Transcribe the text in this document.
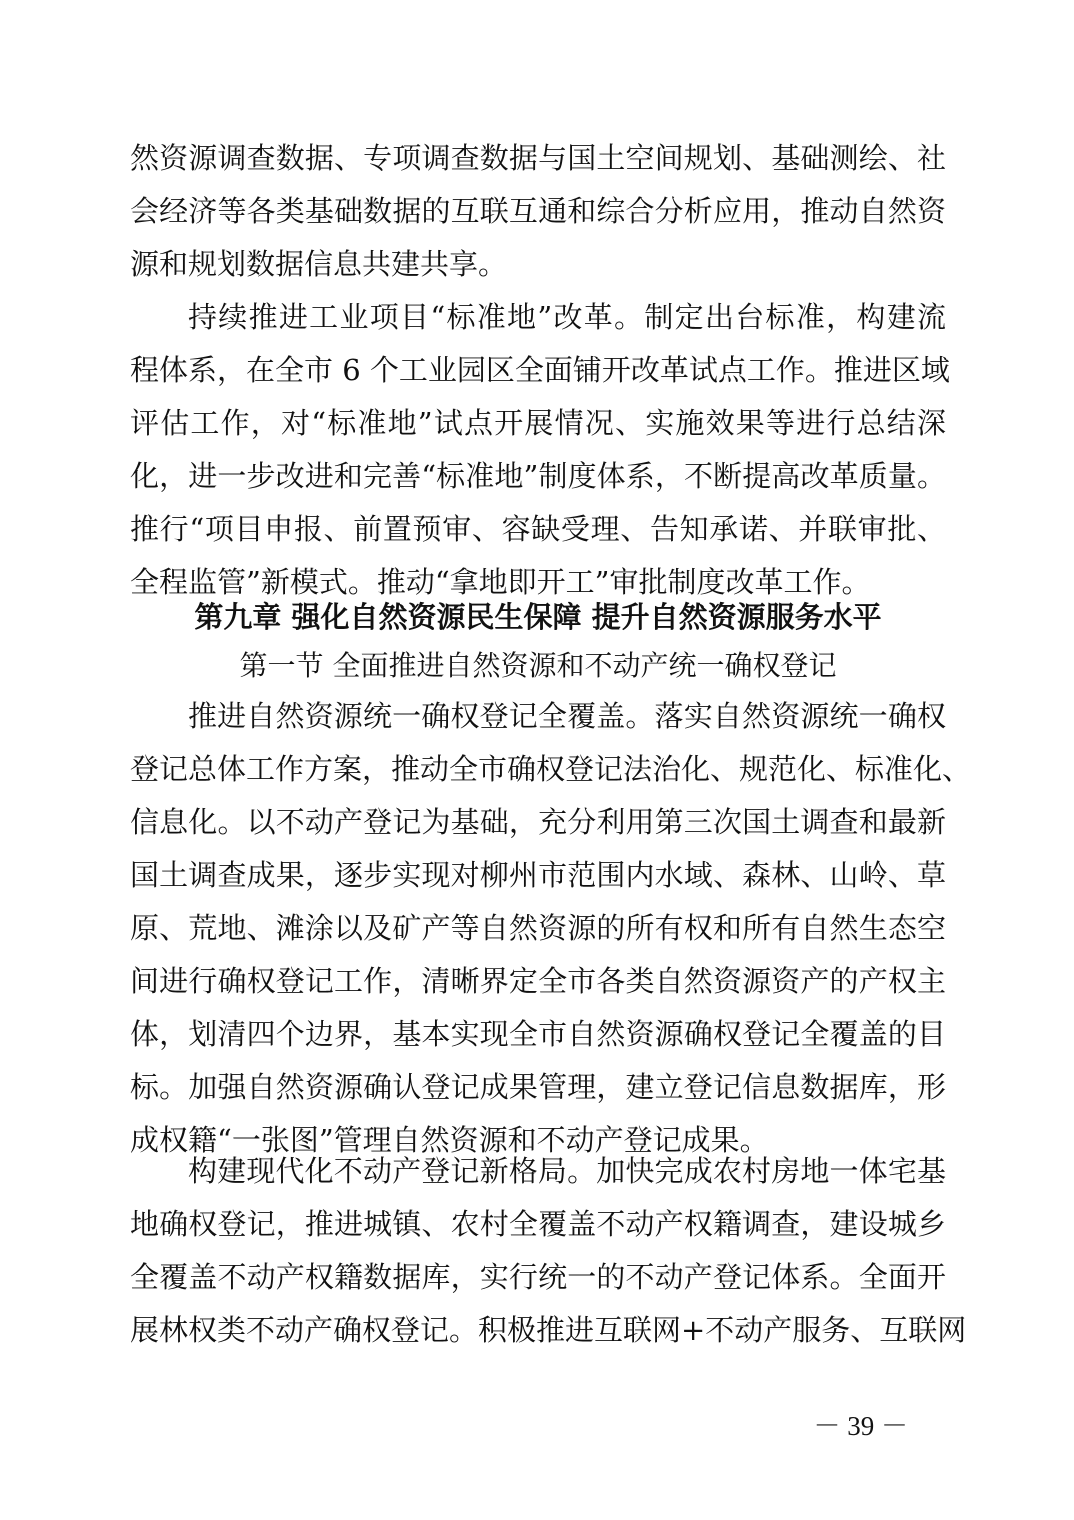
然资源调查数据、专项调查数据与国土空间规划、基础测绘、社
会经济等各类基础数据的互联互通和综合分析应用，推动自然资
源和规划数据信息共建共享。
持续推进工业项目“标准地”改革。制定出台标准，构建流
程体系，在全市 6 个工业园区全面铺开改革试点工作。推进区域
评估工作，对“标准地”试点开展情况、实施效果等进行总结深
化，进一步改进和完善“标准地”制度体系，不断提高改革质量。
推行“项目申报、前置预审、容缺受理、告知承诺、并联审批、
全程监管”新模式。推动“拿地即开工”审批制度改革工作。
第九章 强化自然资源民生保障 提升自然资源服务水平
第一节 全面推进自然资源和不动产统一确权登记
推进自然资源统一确权登记全覆盖。落实自然资源统一确权
登记总体工作方案，推动全市确权登记法治化、规范化、标准化、
信息化。以不动产登记为基础，充分利用第三次国土调查和最新
国土调查成果，逐步实现对柳州市范围内水域、森林、山岭、草
原、荒地、滩涂以及矿产等自然资源的所有权和所有自然生态空
间进行确权登记工作，清晰界定全市各类自然资源资产的产权主
体，划清四个边界，基本实现全市自然资源确权登记全覆盖的目
标。加强自然资源确认登记成果管理，建立登记信息数据库，形
成权籍“一张图”管理自然资源和不动产登记成果。
构建现代化不动产登记新格局。加快完成农村房地一体宅基
地确权登记，推进城镇、农村全覆盖不动产权籍调查，建设城乡
全覆盖不动产权籍数据库，实行统一的不动产登记体系。全面开
展林权类不动产确权登记。积极推进互联网+不动产服务、互联网
－ 39 －
